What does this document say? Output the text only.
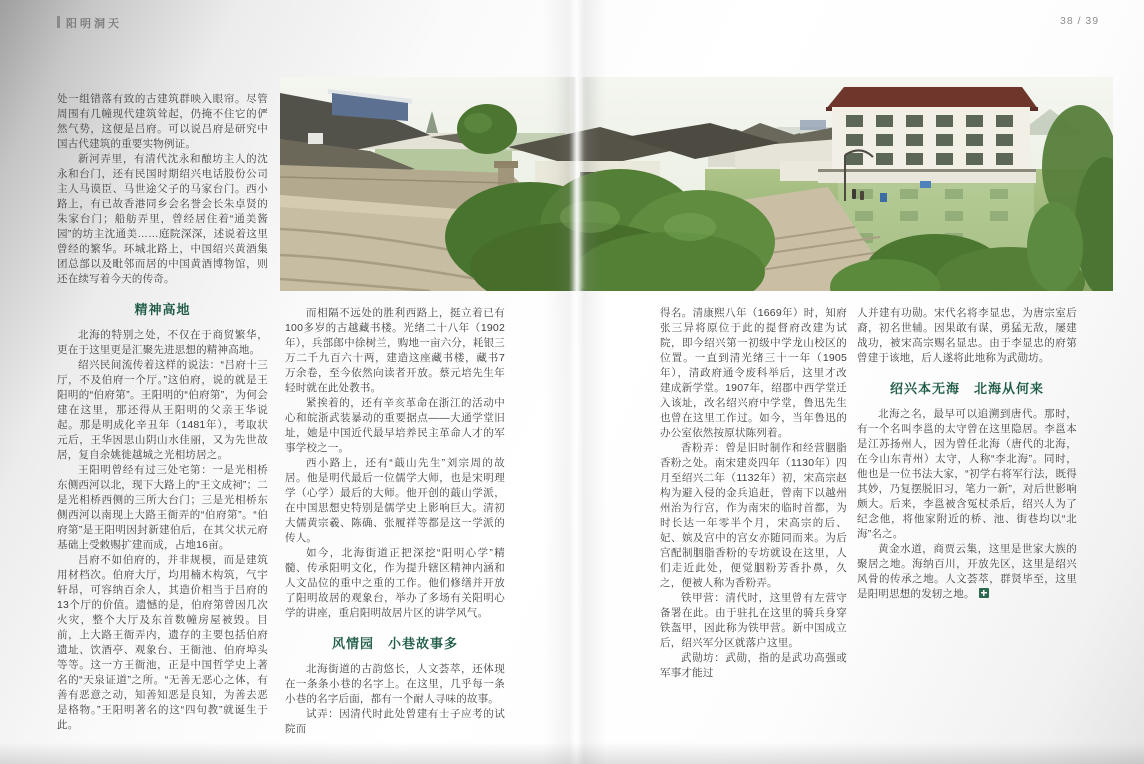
阳明洞天	38 / 39

处一组错落有致的古建筑群映入眼帘。尽管周围有几幢现代建筑耸起，仍掩不住它的俨然气势，这便是吕府。可以说吕府是研究中国古代建筑的重要实物例证。

新河弄里，有清代沈永和酿坊主人的沈永和台门，还有民国时期绍兴电话股份公司主人马谟臣、马世途父子的马家台门。西小路上，有已故香港同乡会名誉会长朱卓贤的朱家台门；船舫弄里，曾经居住着“通美酱园”的坊主沈通美……庭院深深，述说着这里曾经的繁华。环城北路上，中国绍兴黄酒集团总部以及毗邻而居的中国黄酒博物馆，则还在续写着今天的传奇。

精神高地

北海的特别之处，不仅在于商贸繁华，更在于这里更是汇聚先进思想的精神高地。

绍兴民间流传着这样的说法：“吕府十三厅，不及伯府一个厅。”这伯府，说的就是王阳明的“伯府第”。王阳明的“伯府第”，为何会建在这里，那还得从王阳明的父亲王华说起。那是明成化辛丑年（1481年），考取状元后，王华因思山阴山水佳丽，又为先世故居，复自余姚徙越城之光相坊居之。

王阳明曾经有过三处宅第：一是光相桥东侧西河以北，现下大路上的“王文成祠”；二是光相桥西侧的三所大台门；三是光相桥东侧西河以南现上大路王衙弄的“伯府第”。“伯府第”是王阳明因封新建伯后，在其父状元府基础上受敕赐扩建而成，占地16亩。

吕府不如伯府的，并非规模，而是建筑用材档次。伯府大厅，均用楠木构筑，气宇轩昂，可容纳百余人，其造价相当于吕府的13个厅的价值。遗憾的是，伯府第曾因几次火灾，整个大厅及东首数幢房屋被毁。目前，上大路王衙弄内，遗存的主要包括伯府遗址、饮酒亭、观象台、王衙池、伯府埠头等等。这一方王衙池，正是中国哲学史上著名的“天泉证道”之所。“无善无恶心之体，有善有恶意之动，知善知恶是良知，为善去恶是格物。”王阳明著名的这“四句教”就诞生于此。

而相隔不远处的胜利西路上，挺立着已有100多岁的古越藏书楼。光绪二十八年（1902年），兵部郎中徐树兰，购地一亩六分，耗银三万二千九百六十两，建造这座藏书楼，藏书7万余卷，至今依然向读者开放。蔡元培先生年轻时就在此处教书。

紧挨着的，还有辛亥革命在浙江的活动中心和皖浙武装暴动的重要据点——大通学堂旧址，她是中国近代最早培养民主革命人才的军事学校之一。

西小路上，还有“蕺山先生”刘宗周的故居。他是明代最后一位儒学大师，也是宋明理学（心学）最后的大师。他开创的蕺山学派，在中国思想史特别是儒学史上影响巨大。清初大儒黄宗羲、陈确、张履祥等都是这一学派的传人。

如今，北海街道正把深挖“阳明心学”精髓、传承阳明文化，作为提升辖区精神内涵和人文品位的重中之重的工作。他们修缮并开放了阳明故居的观象台，举办了多场有关阳明心学的讲座，重启阳明故居片区的讲学风气。

风情园　小巷故事多

北海街道的古韵悠长，人文荟萃，还体现在一条条小巷的名字上。在这里，几乎每一条小巷的名字后面，都有一个耐人寻味的故事。

试弄：因清代时此处曾建有士子应考的试院而

得名。清康熙八年（1669年）时，知府张三异将原位于此的提督府改建为试院，即今绍兴第一初级中学龙山校区的位置。一直到清光绪三十一年（1905年），清政府通令废科举后，这里才改建成新学堂。1907年，绍郡中西学堂迁入该址，改名绍兴府中学堂，鲁迅先生也曾在这里工作过。如今，当年鲁迅的办公室依然按原状陈列着。

香粉弄：曾是旧时制作和经营胭脂香粉之处。南宋建炎四年（1130年）四月至绍兴二年（1132年）初，宋高宗赵构为避入侵的金兵追赶，曾南下以越州州治为行宫，作为南宋的临时首都，为时长达一年零半个月，宋高宗的后、妃、嫔及宫中的宫女亦随同而来。为后宫配制胭脂香粉的专坊就设在这里，人们走近此处，便觉胭粉芳香扑鼻，久之，便被人称为香粉弄。

铁甲营：清代时，这里曾有左营守备署在此。由于驻扎在这里的骑兵身穿铁盔甲，因此称为铁甲营。新中国成立后，绍兴军分区就落户这里。

武勋坊：武勋，指的是武功高强或军事才能过

人并建有功勋。宋代名将李显忠，为唐宗室后裔，初名世辅。因果敢有谋，勇猛无敌，屡建战功，被宋高宗赐名显忠。由于李显忠的府第曾建于该地，后人遂将此地称为武勋坊。

绍兴本无海　北海从何来

北海之名，最早可以追溯到唐代。那时，有一个名叫李邕的太守曾在这里隐居。李邕本是江苏扬州人，因为曾任北海（唐代的北海，在今山东青州）太守，人称“李北海”。同时，他也是一位书法大家，“初学右将军行法，既得其妙，乃复摆脱旧习，笔力一新”，对后世影响颇大。后来，李邕被含冤杖杀后，绍兴人为了纪念他，将他家附近的桥、池、街巷均以“北海”名之。

黄金水道，商贾云集，这里是世家大族的聚居之地。海纳百川，开放先区，这里是绍兴风骨的传承之地。人文荟萃，群贤毕至，这里是阳明思想的发轫之地。
